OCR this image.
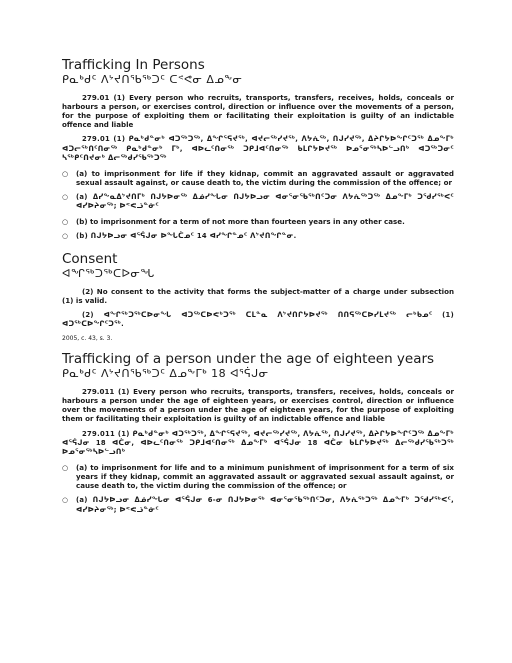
Trafficking In Persons
ᑭᓇᒃᑯᑦ ᐱᔾᔪᑎᖃᖅᑐᑦ ᑕᕝᕙᓂ ᐃᓄᖕᓂ

279.01 (1) Every person who recruits, transports, transfers, receives, holds, conceals or harbours a person, or exercises control, direction or influence over the movements of a person, for the purpose of exploiting them or facilitating their exploitation is guilty of an indictable offence and liable

279.01 (1) ᑭᓇᒃᑯᓐᓂᒃ ᐊᑐᖅᑐᖅ, ᐃᖏᕐᕋᔪᖅ, ᐊᔪᓕᖅᓯᔪᖅ, ᐱᔭᕇᖅ, ᑎᒍᓯᔪᖅ, ᐃᔨᒋᔭᐅᖏᑦᑐᖅ ᐃᓄᖕᒥᒃ ᐊᑐᓕᖅᑎᑦᑎᓂᖅ ᑭᓇᒃᑯᓐᓂᒃ ᒥᒃ, ᐊᐅᓚᑦᑎᓂᖅ ᑐᑭᒧᐊᑦᑎᓂᖅ ᑲᒪᒋᔭᐅᔪᖅ ᐅᓄᕐᓂᖅᓴᐅᓪᓗᑎᒃ ᐊᑐᖅᑐᓂᑦ ᓴᖅᑭᑦᑎᔪᓂᒃ ᐃᓕᖅᑯᓯᖃᖅᑐᖅ

○ (a) to imprisonment for life if they kidnap, commit an aggravated assault or aggravated sexual assault against, or cause death to, the victim during the commission of the offence; or
○ (a) ᐃᓯᖕᓇᐃᔾᔪᑎᒥᒃ ᑎᒍᔭᐅᓂᖅ ᐃᓅᓯᖓᓂ ᑎᒍᔭᐅᓗᓂ ᐊᓂᕐᓂᖃᖅᑎᑦᑐᓂ ᐱᔭᕇᖅᑐᖅ ᐃᓄᖕᒥᒃ ᑐᖁᓯᖅᐸᑦ ᐊᓯᐅᔨᓂᖅ; ᐅᕝᕙᓘᓐᓃᑦ
○ (b) to imprisonment for a term of not more than fourteen years in any other case.
○ (b) ᑎᒍᔭᐅᓗᓂ ᐊᕐᕌᒍᓂ ᐅᖓᑖᓄᑦ 14 ᐊᓯᖏᓐᓄᑦ ᐱᔾᔪᑎᖏᓐᓂ.
Consent
ᐊᖏᖅᑐᖅᑕᐅᓂᖓ

(2) No consent to the activity that forms the subject-matter of a charge under subsection (1) is valid.

(2) ᐊᖏᖅᑐᖅᑕᐅᓂᖓ ᐊᑐᖅᑕᐅᕙᒃᑐᖅ ᑕᒪᓐᓇ ᐱᔾᔪᑎᒋᔭᐅᔪᖅ ᑎᑎᕋᖅᑕᐅᓯᒪᔪᖅ ᓕᒃᑲᓄᑦ (1) ᐊᑐᖅᑕᐅᖏᑦᑐᖅ.

2005, c. 43, s. 3.
Trafficking of a person under the age of eighteen years
ᑭᓇᒃᑯᑦ ᐱᔾᔪᑎᖃᖅᑐᑦ ᐃᓄᖕᒥᒃ 18 ᐊᕐᕌᒍᓂ

279.011 (1) Every person who recruits, transports, transfers, receives, holds, conceals or harbours a person under the age of eighteen years, or exercises control, direction or influence over the movements of a person under the age of eighteen years, for the purpose of exploiting them or facilitating their exploitation is guilty of an indictable offence and liable

279.011 (1) ᑭᓇᒃᑯᓐᓂᒃ ᐊᑐᖅᑐᖅ, ᐃᖏᕐᕋᔪᖅ, ᐊᔪᓕᖅᓯᔪᖅ, ᐱᔭᕇᖅ, ᑎᒍᓯᔪᖅ, ᐃᔨᒋᔭᐅᖏᑦᑐᖅ ᐃᓄᖕᒥᒃ ᐊᕐᕌᒍᓂ 18 ᐊᑖᓂ, ᐊᐅᓚᑦᑎᓂᖅ ᑐᑭᒧᐊᑦᑎᓂᖅ ᐃᓄᖕᒥᒃ ᐊᕐᕌᒍᓂ 18 ᐊᑖᓂ ᑲᒪᒋᔭᐅᔪᖅ ᐃᓕᖅᑯᓯᖃᖅᑐᖅ ᐅᓄᕐᓂᖅᓴᐅᓪᓗᑎᒃ

○ (a) to imprisonment for life and to a minimum punishment of imprisonment for a term of six years if they kidnap, commit an aggravated assault or aggravated sexual assault against, or cause death to, the victim during the commission of the offence; or
○ (a) ᑎᒍᔭᐅᓗᓂ ᐃᓅᓯᖓᓂ ᐊᕐᕌᒍᓂ 6-ᓂ ᑎᒍᔭᐅᓂᖅ ᐊᓂᕐᓂᖃᖅᑎᑦᑐᓂ, ᐱᔭᕇᖅᑐᖅ ᐃᓄᖕᒥᒃ ᑐᖁᓯᖅᐸᑦ, ᐊᓯᐅᔨᓂᖅ; ᐅᕝᕙᓘᓐᓃᑦ
